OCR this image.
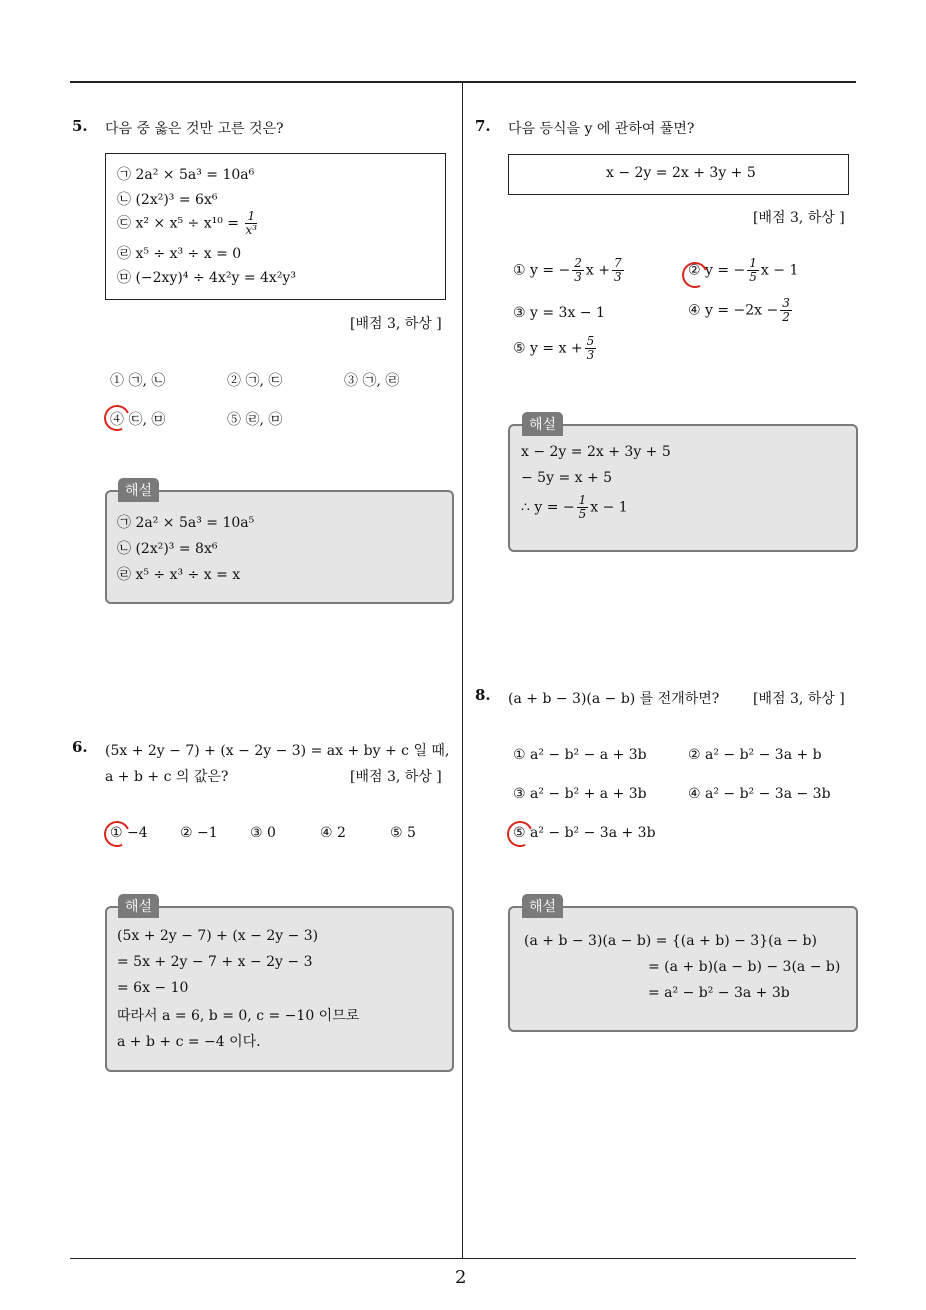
2
5. 다음 중 옳은 것만 고른 것은?
㉠ 2a² × 5a³ = 10a⁶
㉡ (2x²)³ = 6x⁶
㉢ $x^2 \times x^5 \div x^{10} = \frac{1}{\text{x³}}$
㉣ x⁵ ÷ x³ ÷ x = 0
㉤ (−2xy)⁴ ÷ 4x²y = 4x²y³
[배점 3, 하상 ]
① ㉠, ㉡	② ㉠, ㉢	③ ㉠, ㉣
④ ㉢, ㉤	⑤ ㉣, ㉤
해설
㉠ 2a² × 5a³ = 10a⁵
㉡ (2x²)³ = 8x⁶
㉣ x⁵ ÷ x³ ÷ x = x
6. (5x + 2y − 7) + (x − 2y − 3) = ax + by + c 일 때,
a + b + c 의 값은?	[배점 3, 하상 ]
① −4 ② −1 ③ 0	④ 2	⑤ 5
해설
(5x + 2y − 7) + (x − 2y − 3)
= 5x + 2y − 7 + x − 2y − 3
= 6x − 10
따라서 a = 6, b = 0, c = −10 이므로
a + b + c = −4 이다.
7. 다음 등식을 y 에 관하여 풀면?
x − 2y = 2x + 3y + 5
[배점 3, 하상 ]
① y = − $\frac{2}{3}$ $x + \frac{7}{3}$	② y = − $\frac{1}{5}$ x − 1
③ y = 3x − 1	④ $y = -2x - \frac{3}{2}$
⑤ $y = x + \frac{5}{3}$
해설
x − 2y = 2x + 3y + 5
− 5y = x + 5
∴ y = − $\frac{1}{5}$ x − 1
8. (a + b − 3)(a − b) 를 전개하면? [배점 3, 하상 ]
① a² − b² − a + 3b	② a² − b² − 3a + b
③ a² − b² + a + 3b	④ a² − b² − 3a − 3b
⑤ a² − b² − 3a + 3b
해설
(a + b − 3)(a − b) = {(a + b) − 3}(a − b)
= (a + b)(a − b) − 3(a − b)
= a² − b² − 3a + 3b
